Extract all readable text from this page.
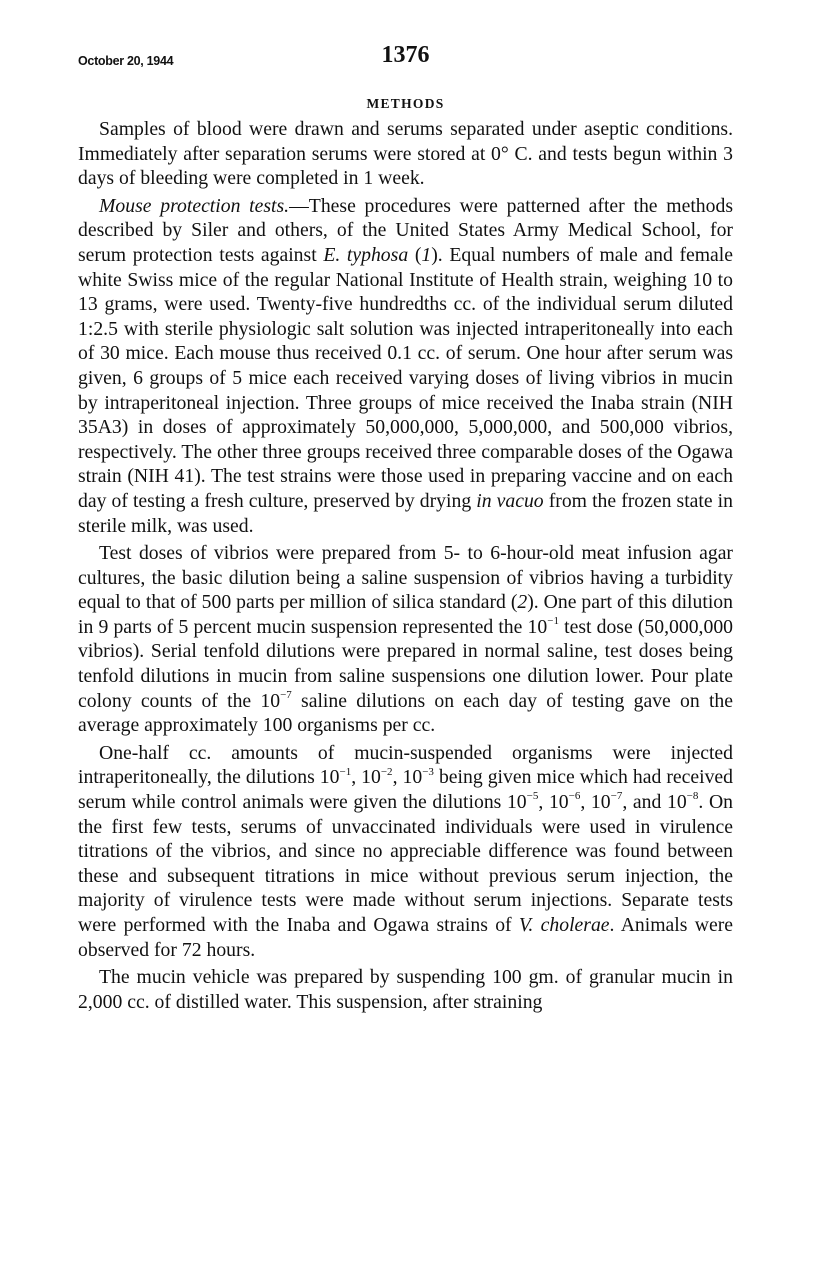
October 20, 1944	1376
METHODS

Samples of blood were drawn and serums separated under aseptic conditions. Immediately after separation serums were stored at 0° C. and tests begun within 3 days of bleeding were completed in 1 week.

Mouse protection tests.—These procedures were patterned after the methods described by Siler and others, of the United States Army Medical School, for serum protection tests against E. typhosa (1). Equal numbers of male and female white Swiss mice of the regular National Institute of Health strain, weighing 10 to 13 grams, were used. Twenty-five hundredths cc. of the individual serum diluted 1:2.5 with sterile physiologic salt solution was injected intraperitoneally into each of 30 mice. Each mouse thus received 0.1 cc. of serum. One hour after serum was given, 6 groups of 5 mice each received varying doses of living vibrios in mucin by intraperitoneal injection. Three groups of mice received the Inaba strain (NIH 35A3) in doses of approximately 50,000,000, 5,000,000, and 500,000 vibrios, respectively. The other three groups received three comparable doses of the Ogawa strain (NIH 41). The test strains were those used in preparing vaccine and on each day of testing a fresh culture, preserved by drying in vacuo from the frozen state in sterile milk, was used.

Test doses of vibrios were prepared from 5- to 6-hour-old meat infusion agar cultures, the basic dilution being a saline suspension of vibrios having a turbidity equal to that of 500 parts per million of silica standard (2). One part of this dilution in 9 parts of 5 percent mucin suspension represented the $10^{-1}$ test dose (50,000,000 vibrios). Serial tenfold dilutions were prepared in normal saline, test doses being tenfold dilutions in mucin from saline suspensions one dilution lower. Pour plate colony counts of the $10^{-7}$ saline dilutions on each day of testing gave on the average approximately 100 organisms per cc.

One-half cc. amounts of mucin-suspended organisms were injected intraperitoneally, the dilutions $10^{-1}$, $10^{-2}$, $10^{-3}$ being given mice which had received serum while control animals were given the dilutions $10^{-5}$, $10^{-6}$, $10^{-7}$, and $10^{-8}$. On the first few tests, serums of unvaccinated individuals were used in virulence titrations of the vibrios, and since no appreciable difference was found between these and subsequent titrations in mice without previous serum injection, the majority of virulence tests were made without serum injections. Separate tests were performed with the Inaba and Ogawa strains of V. cholerae. Animals were observed for 72 hours.

The mucin vehicle was prepared by suspending 100 gm. of granular mucin in 2,000 cc. of distilled water. This suspension, after straining
